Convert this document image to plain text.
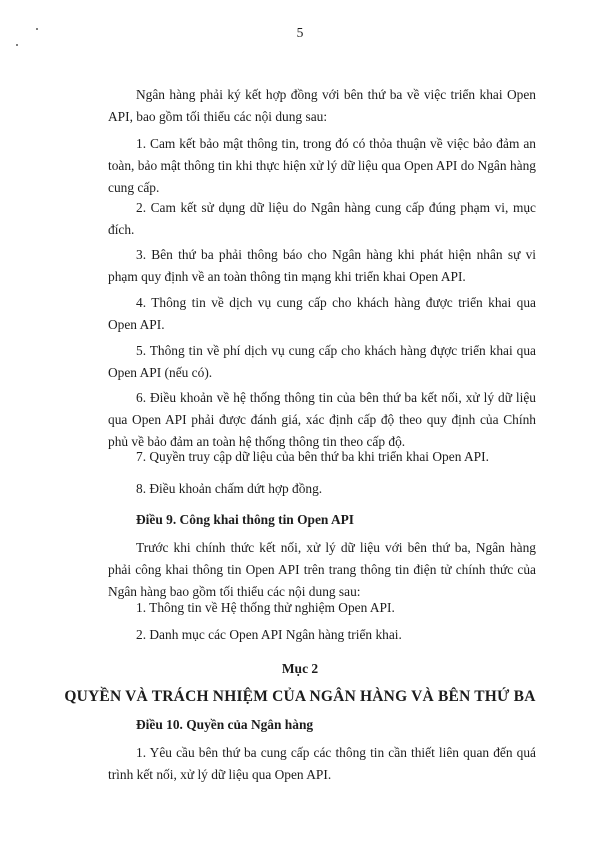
5

Ngân hàng phải ký kết hợp đồng với bên thứ ba về việc triển khai Open API, bao gồm tối thiểu các nội dung sau:

1. Cam kết bảo mật thông tin, trong đó có thỏa thuận về việc bảo đảm an toàn, bảo mật thông tin khi thực hiện xử lý dữ liệu qua Open API do Ngân hàng cung cấp.

2. Cam kết sử dụng dữ liệu do Ngân hàng cung cấp đúng phạm vi, mục đích.

3. Bên thứ ba phải thông báo cho Ngân hàng khi phát hiện nhân sự vi phạm quy định về an toàn thông tin mạng khi triển khai Open API.

4. Thông tin về dịch vụ cung cấp cho khách hàng được triển khai qua Open API.

5. Thông tin về phí dịch vụ cung cấp cho khách hàng được triển khai qua Open API (nếu có).

6. Điều khoản về hệ thống thông tin của bên thứ ba kết nối, xử lý dữ liệu qua Open API phải được đánh giá, xác định cấp độ theo quy định của Chính phủ về bảo đảm an toàn hệ thống thông tin theo cấp độ.

7. Quyền truy cập dữ liệu của bên thứ ba khi triển khai Open API.

8. Điều khoản chấm dứt hợp đồng.

Điều 9. Công khai thông tin Open API

Trước khi chính thức kết nối, xử lý dữ liệu với bên thứ ba, Ngân hàng phải công khai thông tin Open API trên trang thông tin điện tử chính thức của Ngân hàng bao gồm tối thiểu các nội dung sau:

1. Thông tin về Hệ thống thử nghiệm Open API.

2. Danh mục các Open API Ngân hàng triển khai.

Mục 2
QUYỀN VÀ TRÁCH NHIỆM CỦA NGÂN HÀNG VÀ BÊN THỨ BA
Điều 10. Quyền của Ngân hàng

1. Yêu cầu bên thứ ba cung cấp các thông tin cần thiết liên quan đến quá trình kết nối, xử lý dữ liệu qua Open API.
